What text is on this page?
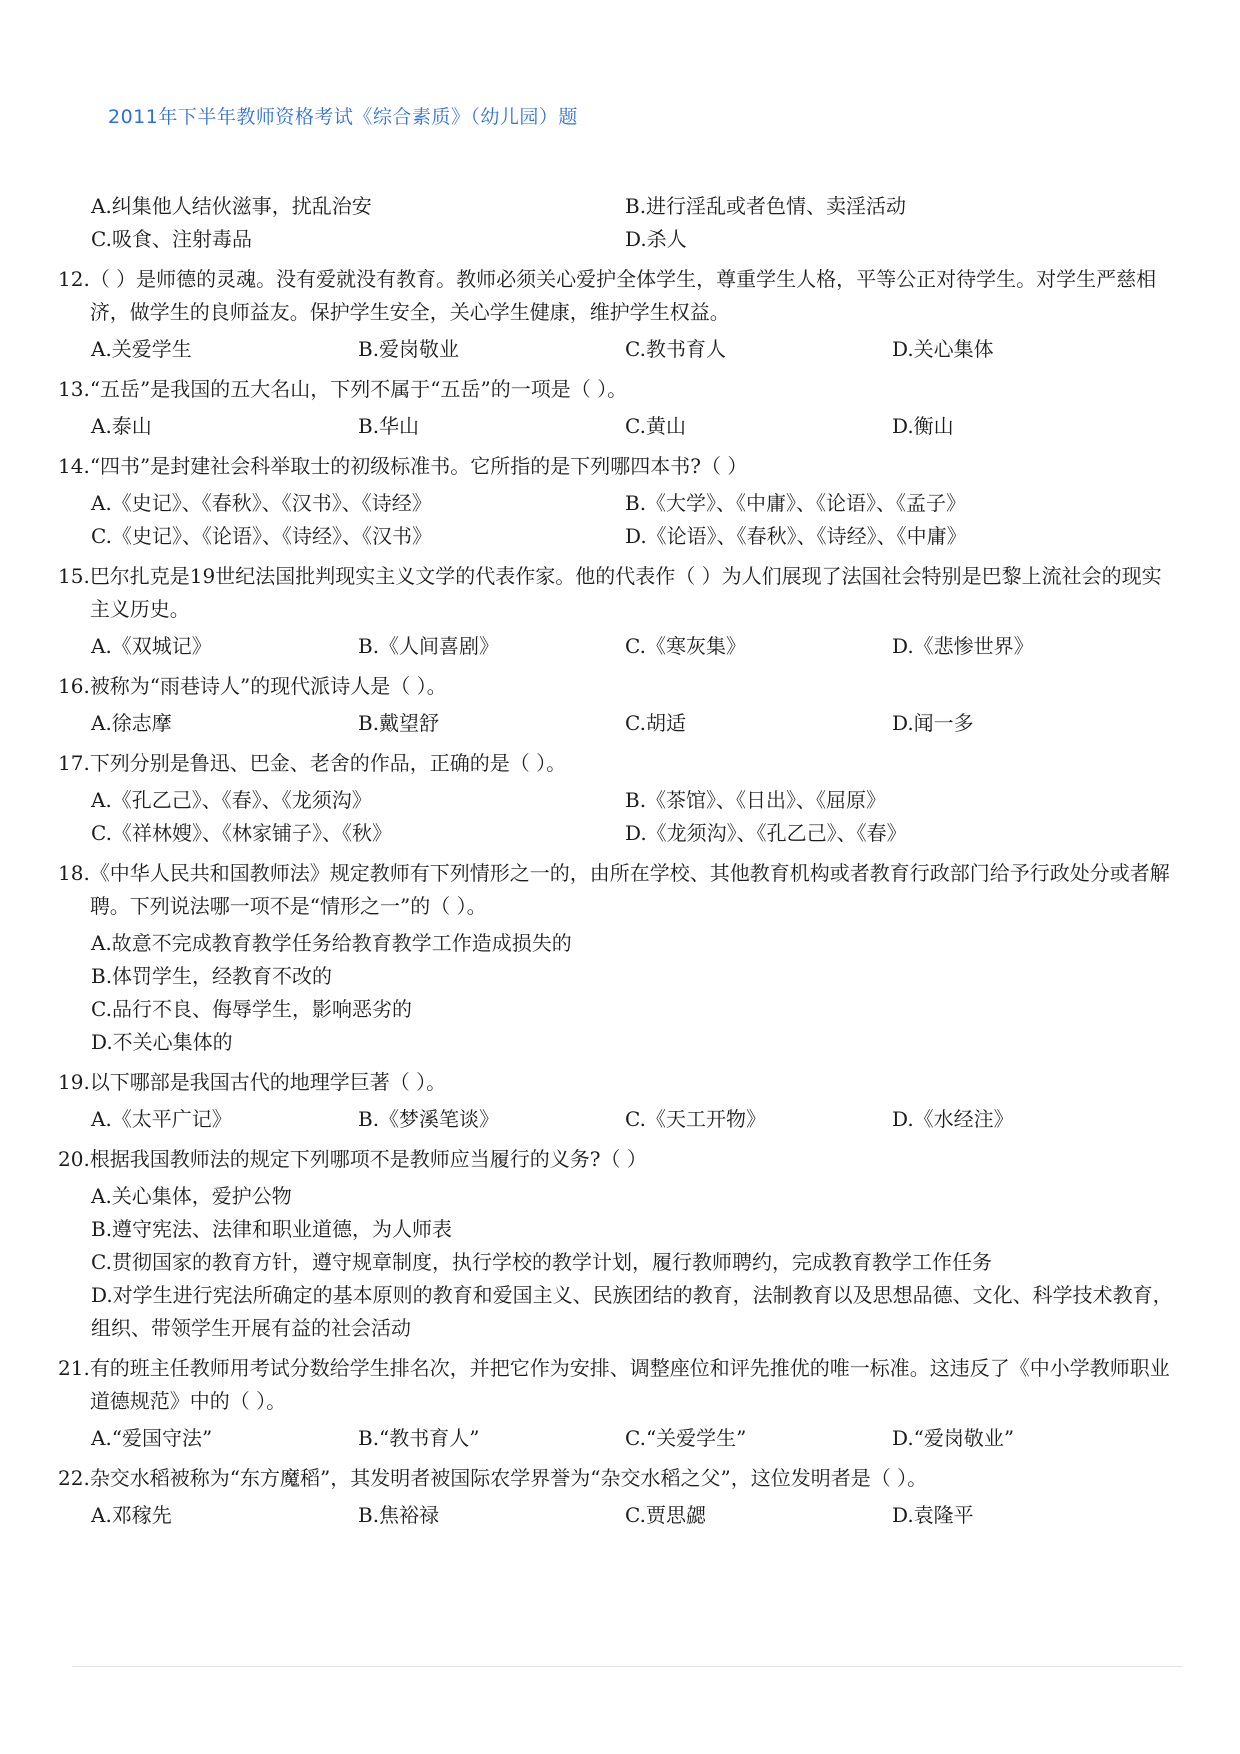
2011年下半年教师资格考试《综合素质》（幼儿园）题
A.纠集他人结伙滋事，扰乱治安	B.进行淫乱或者色情、卖淫活动
C.吸食、注射毒品	D.杀人
12. （ ）是师德的灵魂。没有爱就没有教育。教师必须关心爱护全体学生，尊重学生人格，平等公正对待学生。对学生严慈相济，做学生的良师益友。保护学生安全，关心学生健康，维护学生权益。
A.关爱学生	B.爱岗敬业	C.教书育人	D.关心集体
13. “五岳”是我国的五大名山，下列不属于“五岳”的一项是（ ）。
A.泰山	B.华山	C.黄山	D.衡山
14. “四书”是封建社会科举取士的初级标准书。它所指的是下列哪四本书?（ ）
A.《史记》、《春秋》、《汉书》、《诗经》	B.《大学》、《中庸》、《论语》、《孟子》
C.《史记》、《论语》、《诗经》、《汉书》	D.《论语》、《春秋》、《诗经》、《中庸》
15. 巴尔扎克是19世纪法国批判现实主义文学的代表作家。他的代表作（ ）为人们展现了法国社会特别是巴黎上流社会的现实主义历史。
A.《双城记》	B.《人间喜剧》	C.《寒灰集》	D.《悲惨世界》
16. 被称为“雨巷诗人”的现代派诗人是（ ）。
A.徐志摩	B.戴望舒	C.胡适	D.闻一多
17. 下列分别是鲁迅、巴金、老舍的作品，正确的是（ ）。
A.《孔乙己》、《春》、《龙须沟》	B.《茶馆》、《日出》、《屈原》
C.《祥林嫂》、《林家铺子》、《秋》	D.《龙须沟》、《孔乙己》、《春》
18. 《中华人民共和国教师法》规定教师有下列情形之一的，由所在学校、其他教育机构或者教育行政部门给予行政处分或者解聘。下列说法哪一项不是“情形之一”的（ ）。
A.故意不完成教育教学任务给教育教学工作造成损失的
B.体罚学生，经教育不改的
C.品行不良、侮辱学生，影响恶劣的
D.不关心集体的
19. 以下哪部是我国古代的地理学巨著（ ）。
A.《太平广记》	B.《梦溪笔谈》	C.《天工开物》	D.《水经注》
20. 根据我国教师法的规定下列哪项不是教师应当履行的义务?（ ）
A.关心集体，爱护公物
B.遵守宪法、法律和职业道德，为人师表
C.贯彻国家的教育方针，遵守规章制度，执行学校的教学计划，履行教师聘约，完成教育教学工作任务
D.对学生进行宪法所确定的基本原则的教育和爱国主义、民族团结的教育，法制教育以及思想品德、文化、科学技术教育，组织、带领学生开展有益的社会活动
21. 有的班主任教师用考试分数给学生排名次，并把它作为安排、调整座位和评先推优的唯一标准。这违反了《中小学教师职业道德规范》中的（ ）。
A.“爱国守法”	B.“教书育人”	C.“关爱学生”	D.“爱岗敬业”
22. 杂交水稻被称为“东方魔稻”，其发明者被国际农学界誉为“杂交水稻之父”，这位发明者是（ ）。
A.邓稼先	B.焦裕禄	C.贾思勰	D.袁隆平
